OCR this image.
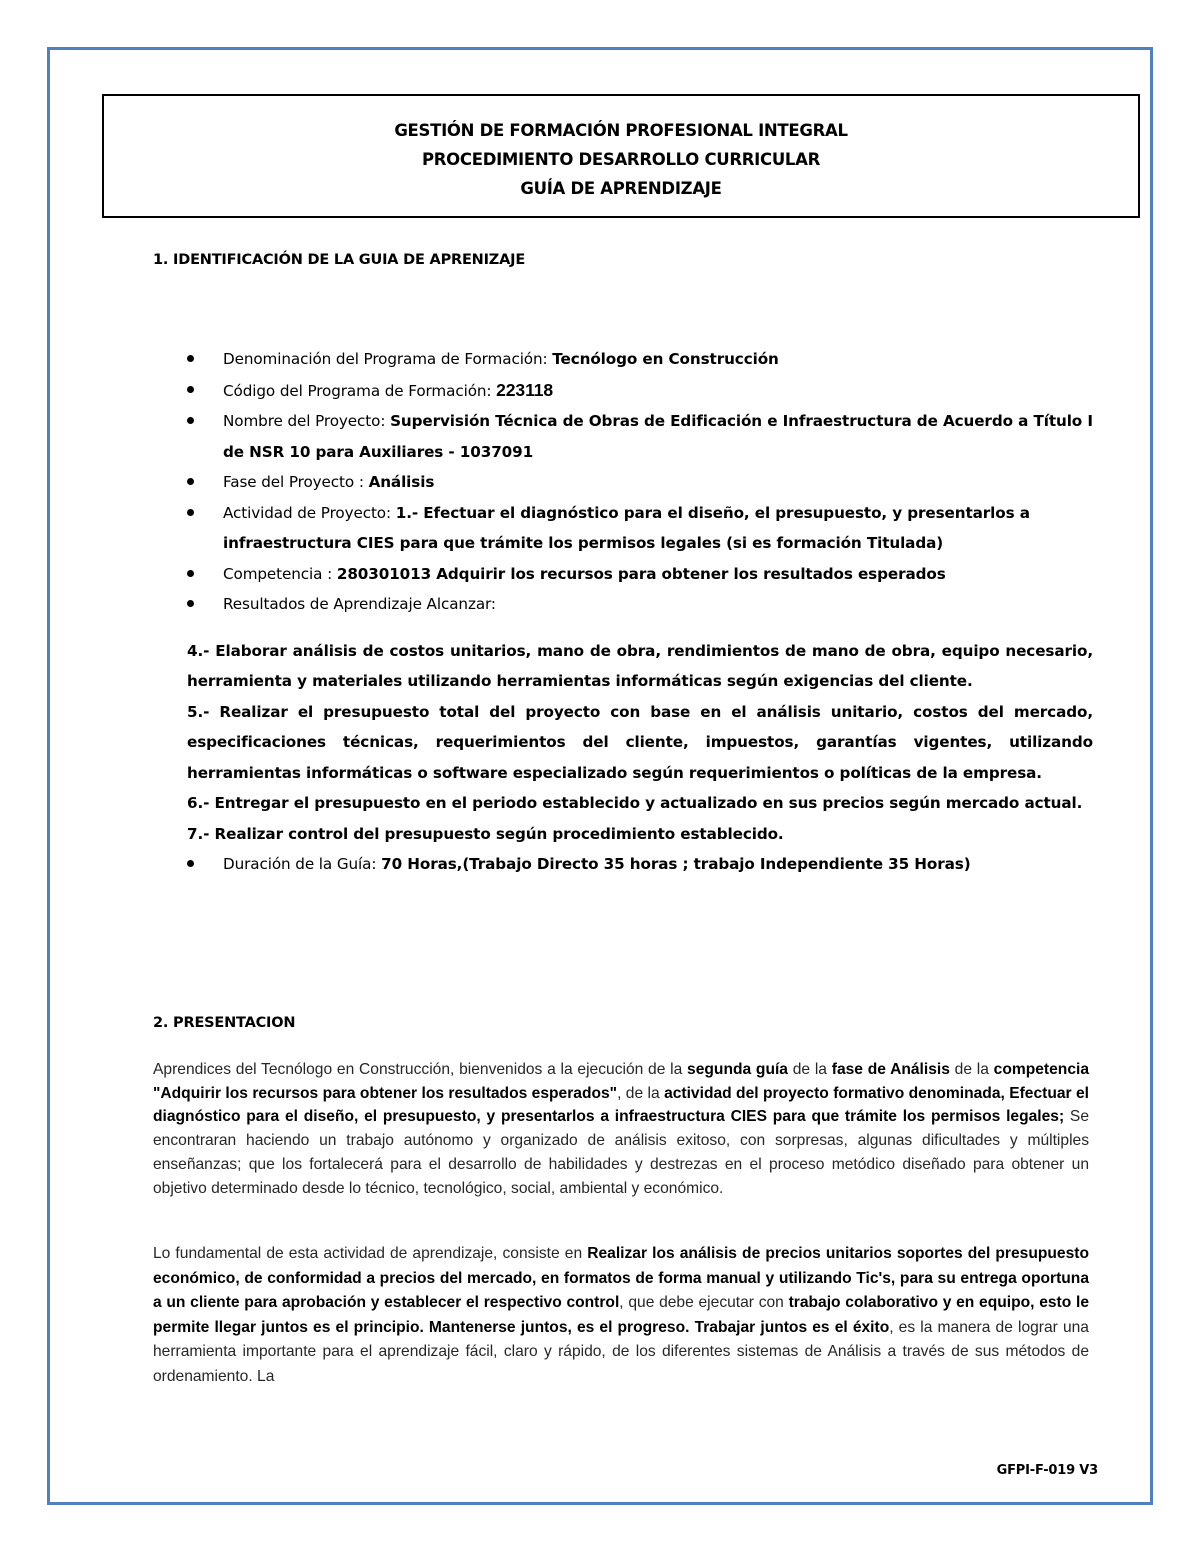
GESTIÓN DE FORMACIÓN PROFESIONAL INTEGRAL
PROCEDIMIENTO DESARROLLO CURRICULAR
GUÍA DE APRENDIZAJE
1. IDENTIFICACIÓN DE LA GUIA DE APRENIZAJE
Denominación del Programa de Formación: Tecnólogo en Construcción
Código del Programa de Formación: 223118
Nombre del Proyecto: Supervisión Técnica de Obras de Edificación e Infraestructura de Acuerdo a Título I de NSR 10 para Auxiliares - 1037091
Fase del Proyecto : Análisis
Actividad de Proyecto: 1.- Efectuar el diagnóstico para el diseño, el presupuesto, y presentarlos a infraestructura CIES para que trámite los permisos legales (si es formación Titulada)
Competencia : 280301013 Adquirir los recursos para obtener los resultados esperados
Resultados de Aprendizaje Alcanzar:

4.- Elaborar análisis de costos unitarios, mano de obra, rendimientos de mano de obra, equipo necesario, herramienta y materiales utilizando herramientas informáticas según exigencias del cliente.

5.- Realizar el presupuesto total del proyecto con base en el análisis unitario, costos del mercado, especificaciones técnicas, requerimientos del cliente, impuestos, garantías vigentes, utilizando herramientas informáticas o software especializado según requerimientos o políticas de la empresa.

6.- Entregar el presupuesto en el periodo establecido y actualizado en sus precios según mercado actual.

7.- Realizar control del presupuesto según procedimiento establecido.

Duración de la Guía: 70 Horas,(Trabajo Directo 35 horas ; trabajo Independiente 35 Horas)
2. PRESENTACION
Aprendices del Tecnólogo en Construcción, bienvenidos a la ejecución de la segunda guía de la fase de Análisis de la competencia "Adquirir los recursos para obtener los resultados esperados", de la actividad del proyecto formativo denominada, Efectuar el diagnóstico para el diseño, el presupuesto, y presentarlos a infraestructura CIES para que trámite los permisos legales; Se encontraran haciendo un trabajo autónomo y organizado de análisis exitoso, con sorpresas, algunas dificultades y múltiples enseñanzas; que los fortalecerá para el desarrollo de habilidades y destrezas en el proceso metódico diseñado para obtener un objetivo determinado desde lo técnico, tecnológico, social, ambiental y económico.
Lo fundamental de esta actividad de aprendizaje, consiste en Realizar los análisis de precios unitarios soportes del presupuesto económico, de conformidad a precios del mercado, en formatos de forma manual y utilizando Tic's, para su entrega oportuna a un cliente para aprobación y establecer el respectivo control, que debe ejecutar con trabajo colaborativo y en equipo, esto le permite llegar juntos es el principio. Mantenerse juntos, es el progreso. Trabajar juntos es el éxito, es la manera de lograr una herramienta importante para el aprendizaje fácil, claro y rápido, de los diferentes sistemas de Análisis a través de sus métodos de ordenamiento. La
GFPI-F-019 V3
